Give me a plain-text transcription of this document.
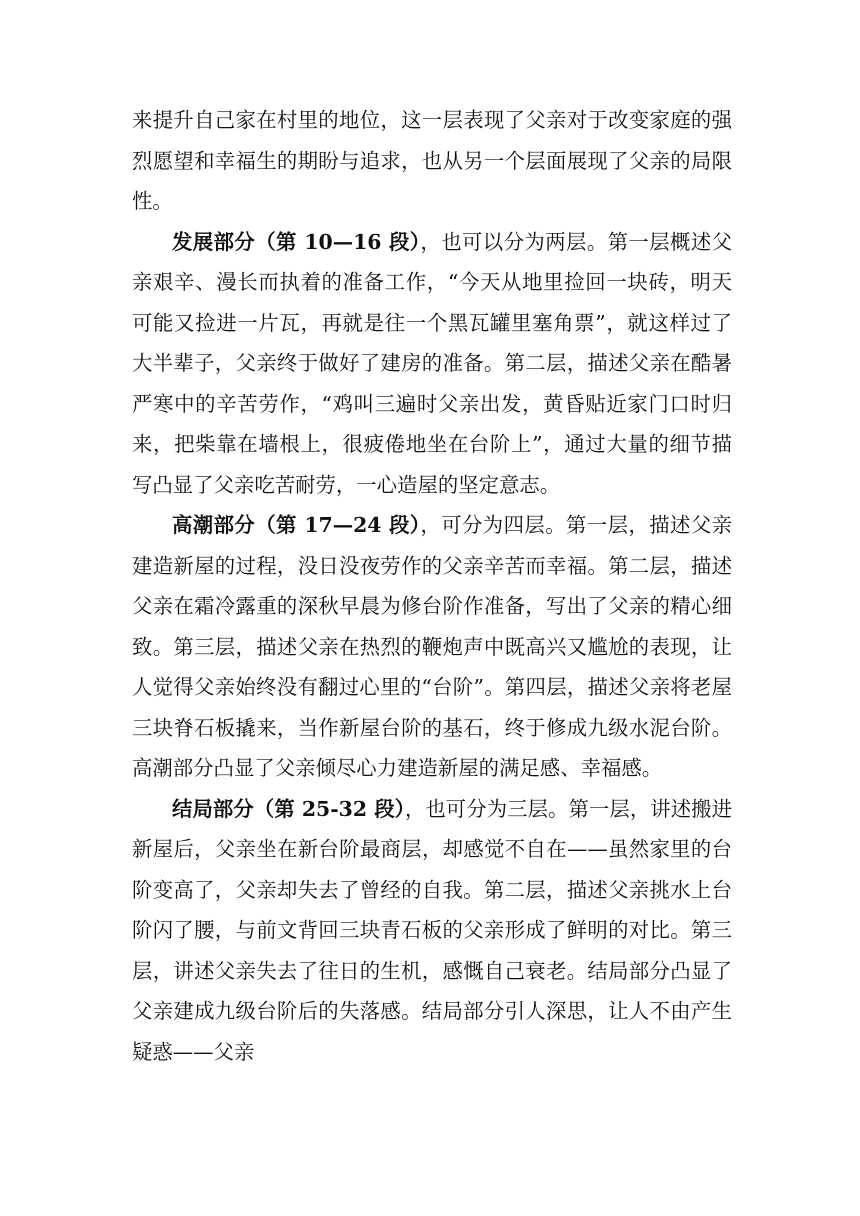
来提升自己家在村里的地位，这一层表现了父亲对于改变家庭的强烈愿望和幸福生的期盼与追求，也从另一个层面展现了父亲的局限性。

发展部分（第 10—16 段），也可以分为两层。第一层概述父亲艰辛、漫长而执着的准备工作，“今天从地里捡回一块砖，明天可能又捡进一片瓦，再就是往一个黑瓦罐里塞角票”，就这样过了大半辈子，父亲终于做好了建房的准备。第二层，描述父亲在酷暑严寒中的辛苦劳作，“鸡叫三遍时父亲出发，黄昏贴近家门口时归来，把柴靠在墙根上，很疲倦地坐在台阶上”，通过大量的细节描写凸显了父亲吃苦耐劳，一心造屋的坚定意志。

高潮部分（第 17—24 段），可分为四层。第一层，描述父亲建造新屋的过程，没日没夜劳作的父亲辛苦而幸福。第二层，描述父亲在霜冷露重的深秋早晨为修台阶作准备，写出了父亲的精心细致。第三层，描述父亲在热烈的鞭炮声中既高兴又尴尬的表现，让人觉得父亲始终没有翻过心里的“台阶”。第四层，描述父亲将老屋三块脊石板撬来，当作新屋台阶的基石，终于修成九级水泥台阶。高潮部分凸显了父亲倾尽心力建造新屋的满足感、幸福感。

结局部分（第 25-32 段），也可分为三层。第一层，讲述搬进新屋后，父亲坐在新台阶最商层，却感觉不自在——虽然家里的台阶变高了，父亲却失去了曾经的自我。第二层，描述父亲挑水上台阶闪了腰，与前文背回三块青石板的父亲形成了鲜明的对比。第三层，讲述父亲失去了往日的生机，感慨自己衰老。结局部分凸显了父亲建成九级台阶后的失落感。结局部分引人深思，让人不由产生疑惑——父亲
